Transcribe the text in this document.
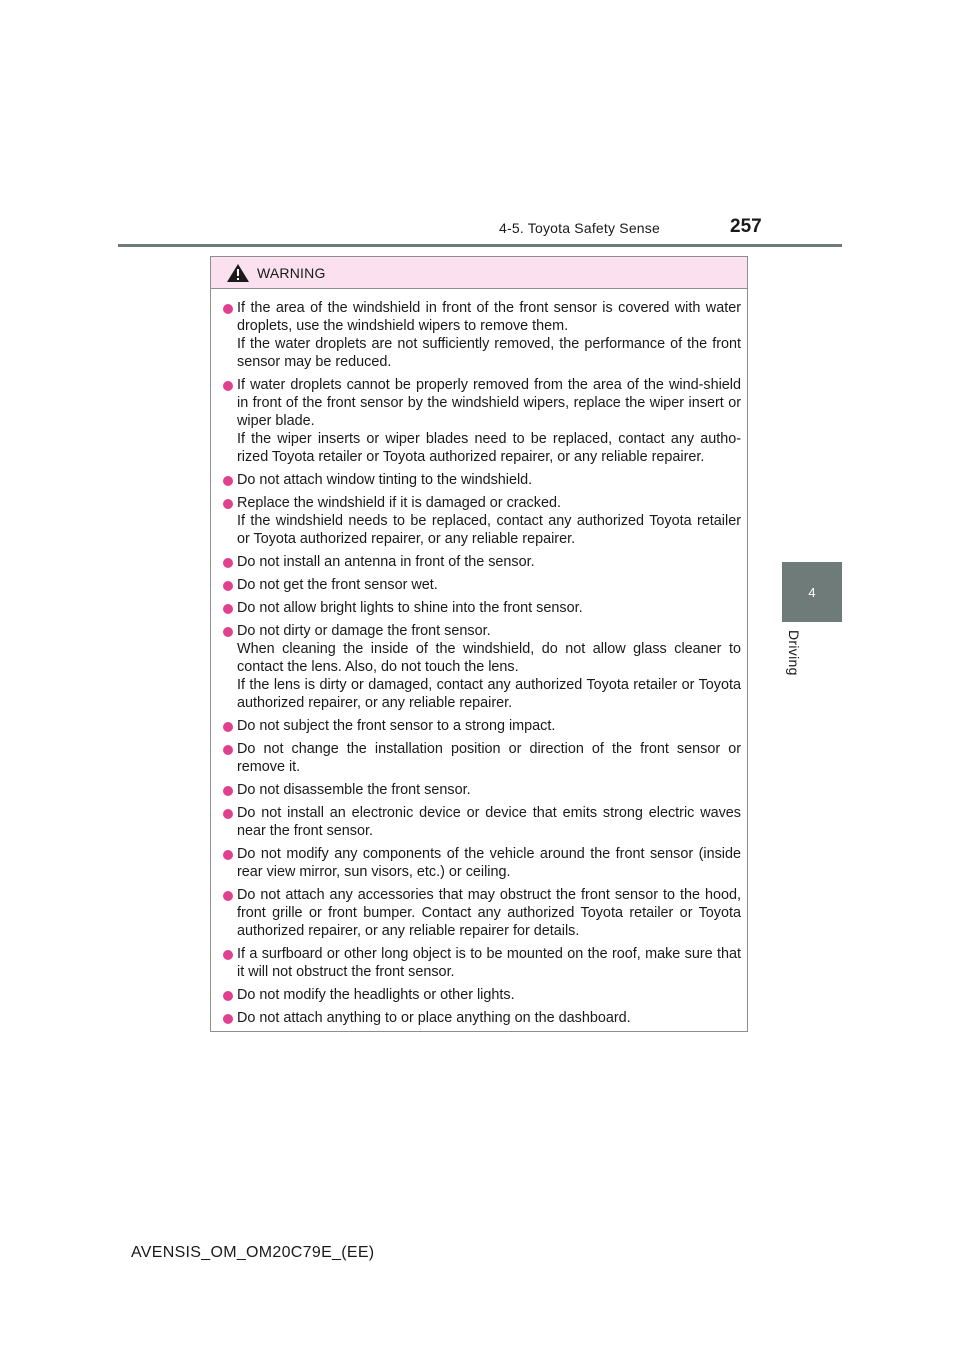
4-5. Toyota Safety Sense	257
4
Driving
WARNING

If the area of the windshield in front of the front sensor is covered with water droplets, use the windshield wipers to remove them.

If the water droplets are not sufficiently removed, the performance of the front sensor may be reduced.

If water droplets cannot be properly removed from the area of the wind-shield in front of the front sensor by the windshield wipers, replace the wiper insert or wiper blade.

If the wiper inserts or wiper blades need to be replaced, contact any autho-rized Toyota retailer or Toyota authorized repairer, or any reliable repairer.

Do not attach window tinting to the windshield.

Replace the windshield if it is damaged or cracked.

If the windshield needs to be replaced, contact any authorized Toyota retailer or Toyota authorized repairer, or any reliable repairer.

Do not install an antenna in front of the sensor.

Do not get the front sensor wet.

Do not allow bright lights to shine into the front sensor.

Do not dirty or damage the front sensor.

When cleaning the inside of the windshield, do not allow glass cleaner to contact the lens. Also, do not touch the lens.

If the lens is dirty or damaged, contact any authorized Toyota retailer or Toyota authorized repairer, or any reliable repairer.

Do not subject the front sensor to a strong impact.

Do not change the installation position or direction of the front sensor or remove it.

Do not disassemble the front sensor.

Do not install an electronic device or device that emits strong electric waves near the front sensor.

Do not modify any components of the vehicle around the front sensor (inside rear view mirror, sun visors, etc.) or ceiling.

Do not attach any accessories that may obstruct the front sensor to the hood, front grille or front bumper. Contact any authorized Toyota retailer or Toyota authorized repairer, or any reliable repairer for details.

If a surfboard or other long object is to be mounted on the roof, make sure that it will not obstruct the front sensor.

Do not modify the headlights or other lights.

Do not attach anything to or place anything on the dashboard.

AVENSIS_OM_OM20C79E_(EE)
